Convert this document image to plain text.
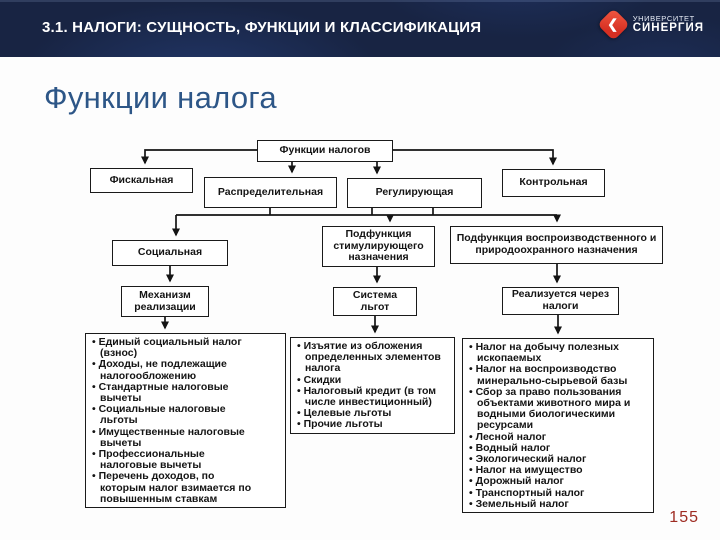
3.1. НАЛОГИ: СУЩНОСТЬ, ФУНКЦИИ И КЛАССИФИКАЦИЯ	❮ УНИВЕРСИТЕТ
СИНЕРГИЯ
Функции налога
Функции налогов
Фискальная
Распределительная	Регулирующая
Контрольная
Социальная
Подфункция стимулирующего назначения
Подфункция воспроизводственного и природоохранного назначения
Механизм реализации
Система льгот
Реализуется через налоги
• Единый социальный налог (взнос)
• Доходы, не подлежащие налогообложению
• Стандартные налоговые вычеты
• Социальные налоговые льготы
• Имущественные налоговые вычеты
• Профессиональные налоговые вычеты
• Перечень доходов, по которым налог взимается по повышенным ставкам
• Изъятие из обложения определенных элементов налога
• Скидки
• Налоговый кредит (в том числе инвестиционный)
• Целевые льготы
• Прочие льготы
• Налог на добычу полезных ископаемых
• Налог на воспроизводство минерально-сырьевой базы
• Сбор за право пользования объектами животного мира и водными биологическими ресурсами
• Лесной налог
• Водный налог
• Экологический налог
• Налог на имущество
• Дорожный налог
• Транспортный налог
• Земельный налог
155
